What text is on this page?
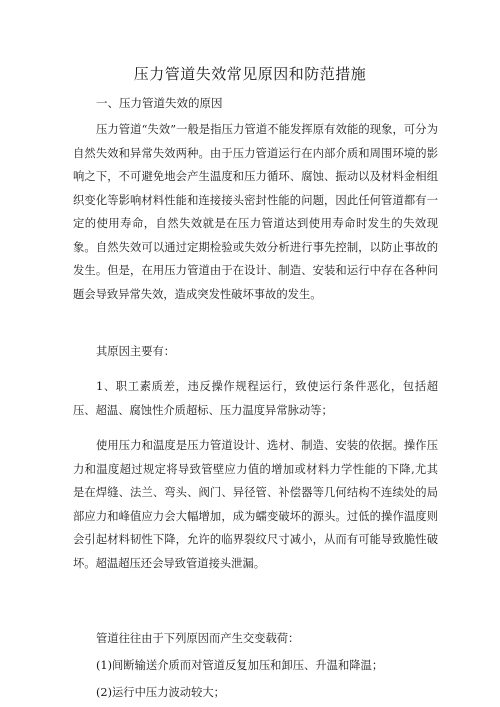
压力管道失效常见原因和防范措施
一、压力管道失效的原因

压力管道“失效”一般是指压力管道不能发挥原有效能的现象，可分为自然失效和异常失效两种。由于压力管道运行在内部介质和周围环境的影响之下，不可避免地会产生温度和压力循环、腐蚀、振动以及材料金相组织变化等影响材料性能和连接接头密封性能的问题，因此任何管道都有一定的使用寿命，自然失效就是在压力管道达到使用寿命时发生的失效现象。自然失效可以通过定期检验或失效分析进行事先控制，以防止事故的发生。但是，在用压力管道由于在设计、制造、安装和运行中存在各种问题会导致异常失效，造成突发性破坏事故的发生。

其原因主要有：

1、职工素质差，违反操作规程运行，致使运行条件恶化，包括超压、超温、腐蚀性介质超标、压力温度异常脉动等；

使用压力和温度是压力管道设计、选材、制造、安装的依据。操作压力和温度超过规定将导致管壁应力值的增加或材料力学性能的下降,尤其是在焊缝、法兰、弯头、阀门、异径管、补偿器等几何结构不连续处的局部应力和峰值应力会大幅增加，成为蠕变破坏的源头。过低的操作温度则会引起材料韧性下降，允许的临界裂纹尺寸减小，从而有可能导致脆性破坏。超温超压还会导致管道接头泄漏。

管道往往由于下列原因而产生交变载荷：

(1)间断输送介质而对管道反复加压和卸压、升温和降温；
(2)运行中压力波动较大；
